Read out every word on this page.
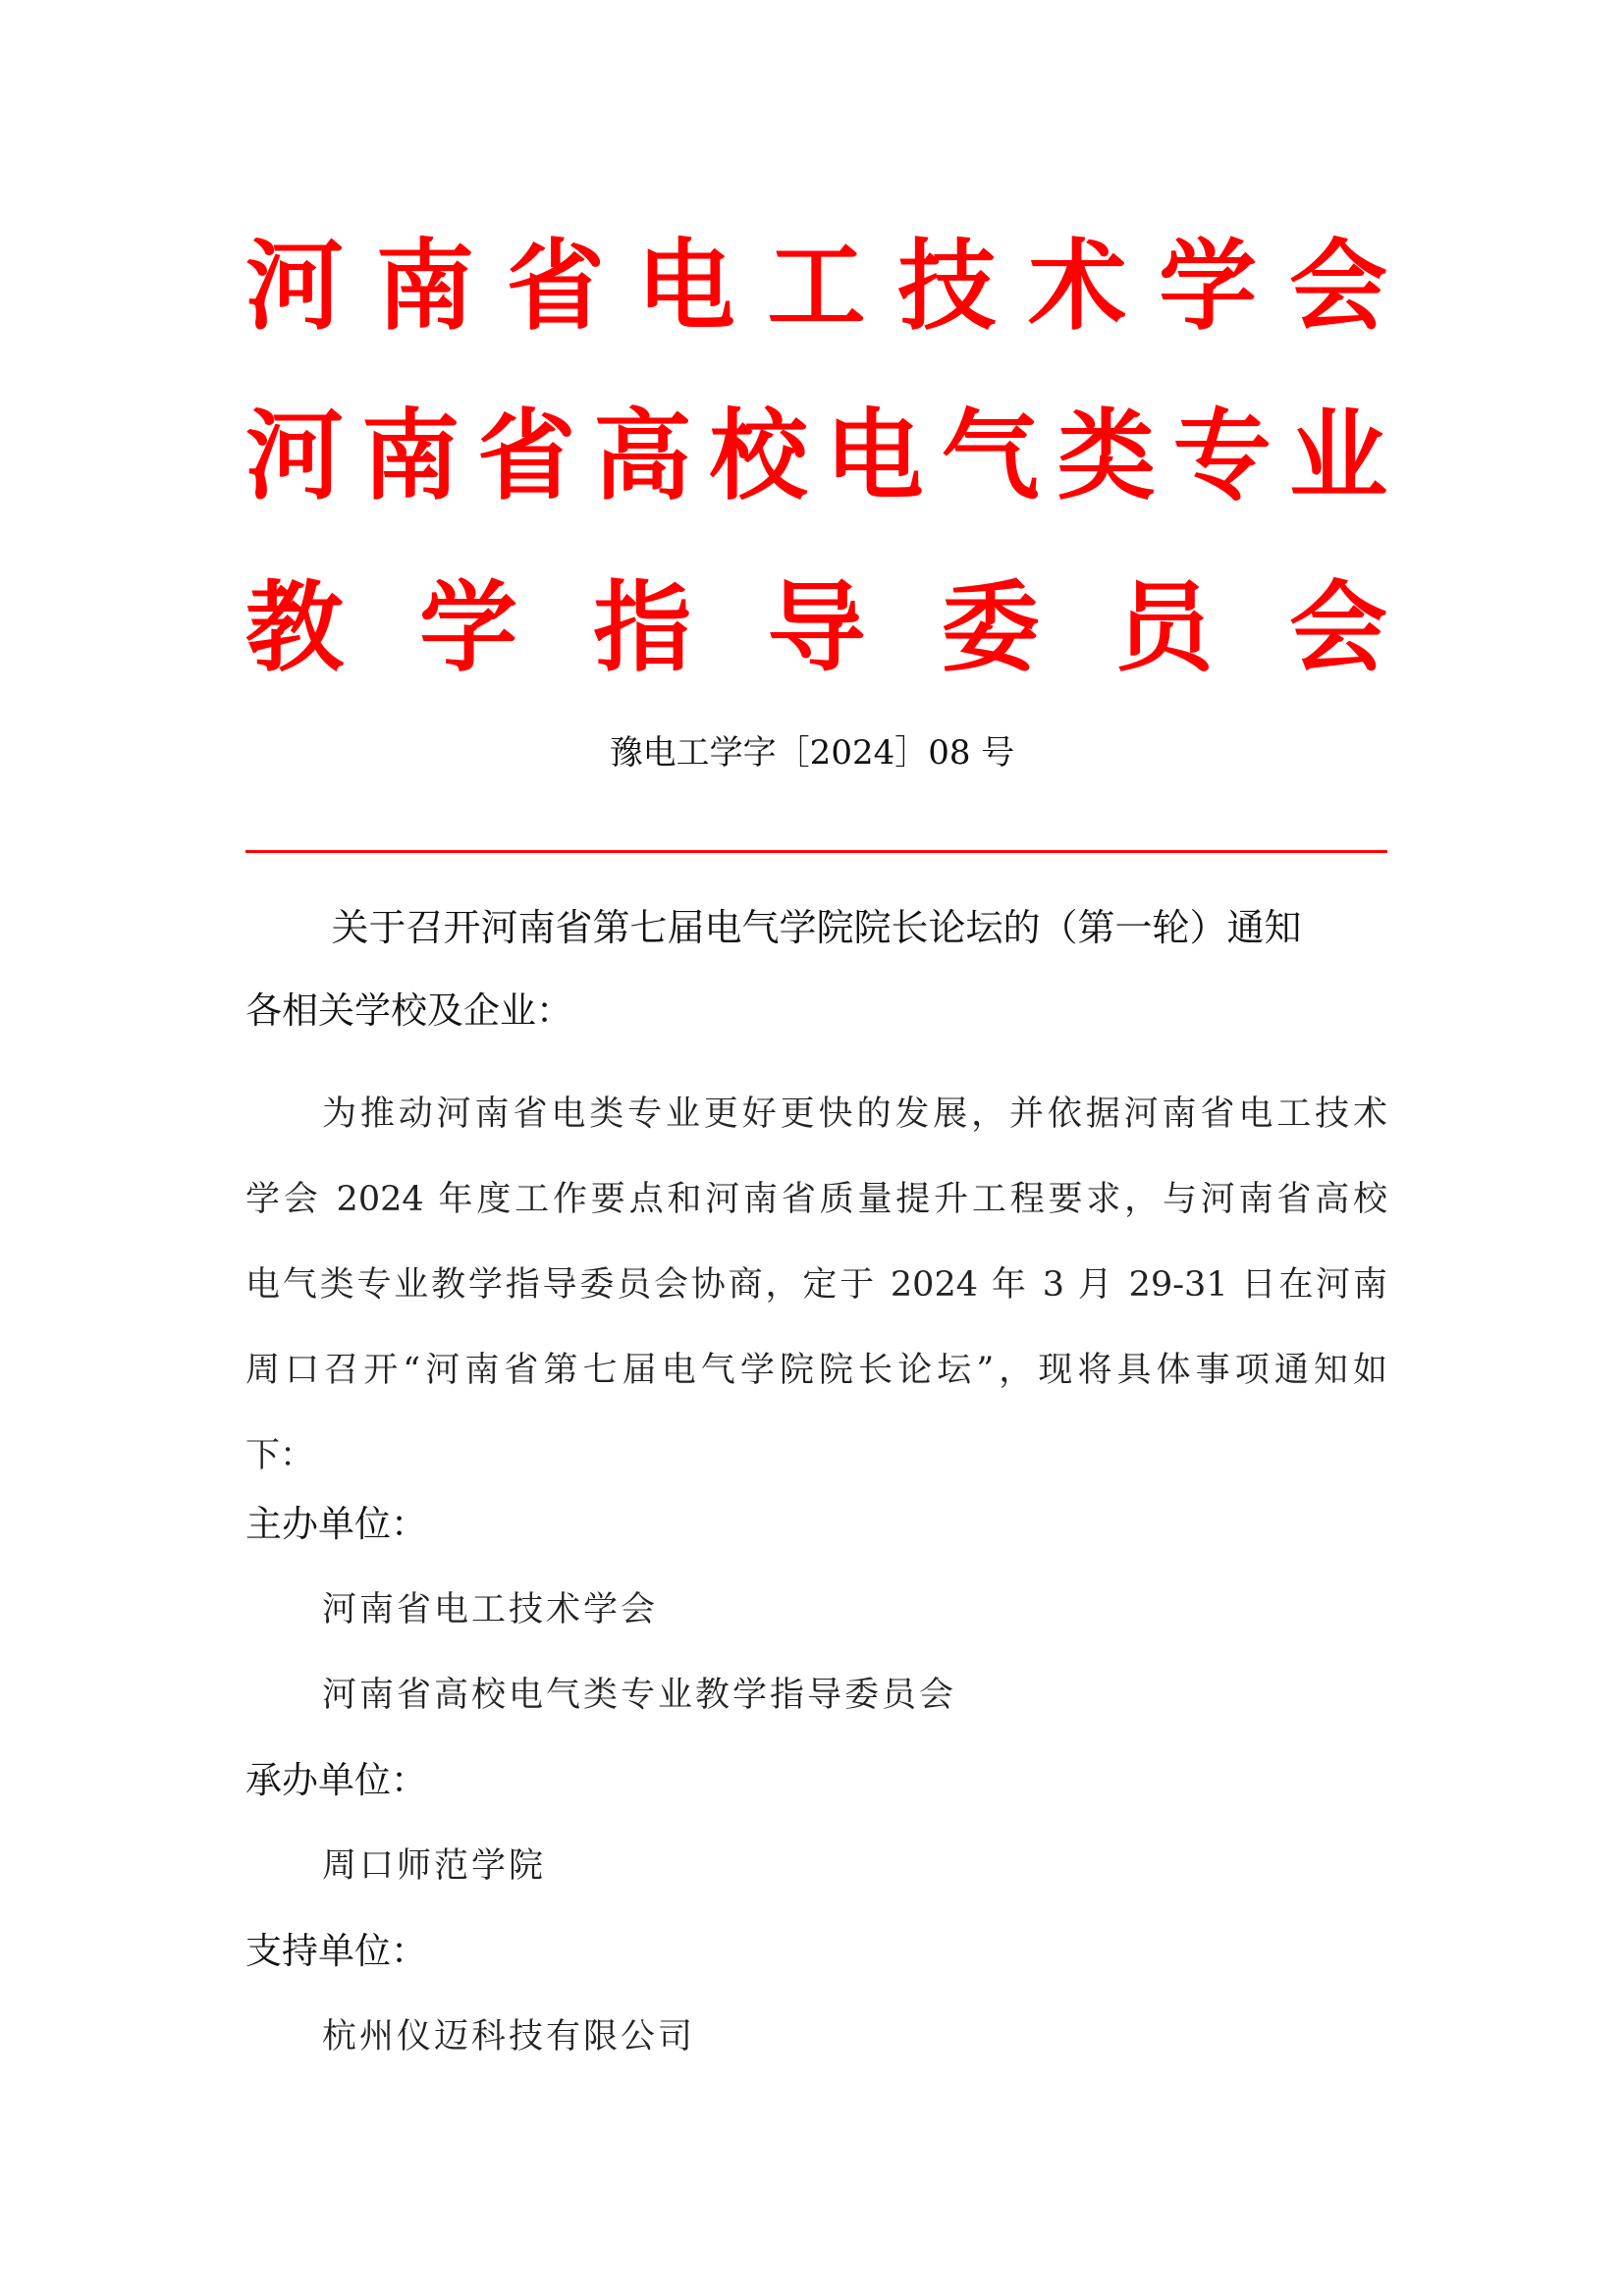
河 南 省 电 工 技 术 学 会
河 南 省 高 校 电 气 类 专 业
教 学 指 导 委 员 会
豫电工学字［2024］08 号
关于召开河南省第七届电气学院院长论坛的（第一轮）通知
各相关学校及企业：
为推动河南省电类专业更好更快的发展，并依据河南省电工技术
学会 2024 年度工作要点和河南省质量提升工程要求，与河南省高校
电气类专业教学指导委员会协商，定于 2024 年 3 月 29-31 日在河南
周口召开“河南省第七届电气学院院长论坛”，现将具体事项通知如
下：
主办单位：
河南省电工技术学会
河南省高校电气类专业教学指导委员会
承办单位：
周口师范学院
支持单位：
杭州仪迈科技有限公司
